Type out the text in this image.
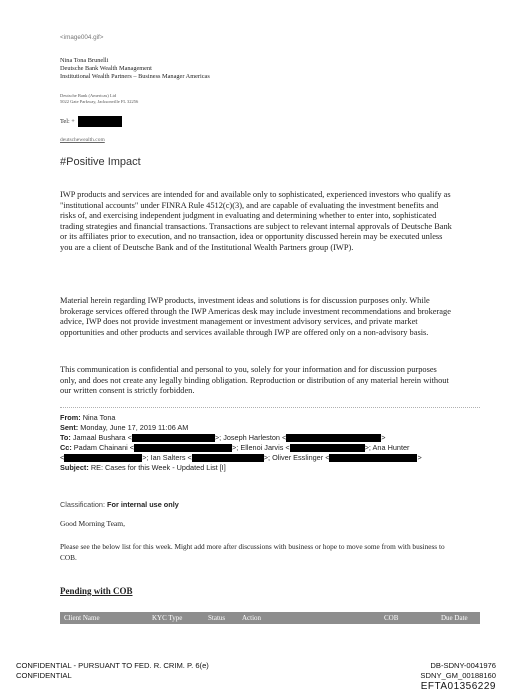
<image004.gif>
Nina Tona Brunelli
Deutsche Bank Wealth Management
Institutional Wealth Partners – Business Manager Americas
Deutsche Bank (Americas) Ltd
5022 Gate Parkway, Jacksonville FL 32256
Tel: +
deutschewealth.com
#Positive Impact
IWP products and services are intended for and available only to sophisticated, experienced investors who qualify as "institutional accounts" under FINRA Rule 4512(c)(3), and are capable of evaluating the investment benefits and risks of, and exercising independent judgment in evaluating and determining whether to enter into, sophisticated trading strategies and financial transactions. Transactions are subject to relevant internal approvals of Deutsche Bank or its affiliates prior to execution, and no transaction, idea or opportunity discussed herein may be executed unless you are a client of Deutsche Bank and of the Institutional Wealth Partners group (IWP).
Material herein regarding IWP products, investment ideas and solutions is for discussion purposes only. While brokerage services offered through the IWP Americas desk may include investment recommendations and brokerage advice, IWP does not provide investment management or investment advisory services, and private market opportunities and other products and services available through IWP are offered only on a non-advisory basis.
This communication is confidential and personal to you, solely for your information and for discussion purposes only, and does not create any legally binding obligation. Reproduction or distribution of any material herein without our written consent is strictly forbidden.
From: Nina Tona
Sent: Monday, June 17, 2019 11:06 AM
To: Jamaal Bushara <	>; Joseph Harleston <	>
Cc: Padam Chainani <	>; Ellenoi Jarvis <	>; Ana Hunter
<	>; Ian Salters <	>; Oliver Esslinger <	>
Subject: RE: Cases for this Week - Updated List [I]
Classification: For internal use only
Good Morning Team,
Please see the below list for this week. Might add more after discussions with business or hope to move some from with business to COB.
Pending with COB
Client Name	KYC Type	Status Action	COB	Due Date
CONFIDENTIAL - PURSUANT TO FED. R. CRIM. P. 6(e)
CONFIDENTIAL
DB-SDNY-0041976
SDNY_GM_00188160
EFTA01356229
